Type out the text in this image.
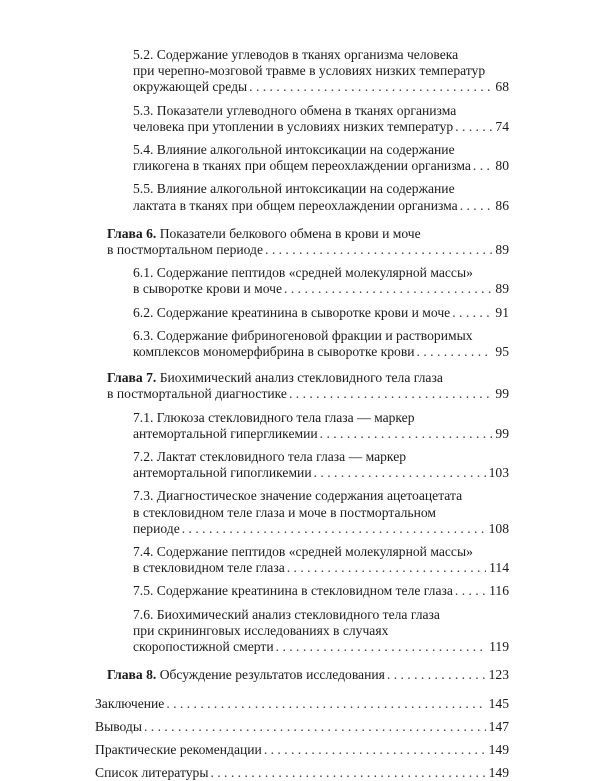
5.2. Содержание углеводов в тканях организма человека
при черепно-мозговой травме в условиях низких температур
окружающей среды . . .	68
5.3. Показатели углеводного обмена в тканях организма
человека при утоплении в условиях низких температур . . .	74
5.4. Влияние алкогольной интоксикации на содержание
гликогена в тканях при общем переохлаждении организма . . . 80
5.5. Влияние алкогольной интоксикации на содержание
лактата в тканях при общем переохлаждении организма . . .	86
Глава 6. Показатели белкового обмена в крови и моче
в постмортальном периоде . . .	89
6.1. Содержание пептидов «средней молекулярной массы»
в сыворотке крови и моче . . .	89
6.2. Содержание креатинина в сыворотке крови и моче . . .	91
6.3. Содержание фибриногеновой фракции и растворимых
комплексов мономерфибрина в сыворотке крови . . .	95
Глава 7. Биохимический анализ стекловидного тела глаза
в постмортальной диагностике . . .	99
7.1. Глюкоза стекловидного тела глаза — маркер
антемортальной гипергликемии . . .	99
7.2. Лактат стекловидного тела глаза — маркер
антемортальной гипогликемии . . .	103
7.3. Диагностическое значение содержания ацетоацетата
в стекловидном теле глаза и моче в постмортальном
периоде . . .	108
7.4. Содержание пептидов «средней молекулярной массы»
в стекловидном теле глаза . . .	114
7.5. Содержание креатинина в стекловидном теле глаза . . .	116
7.6. Биохимический анализ стекловидного тела глаза
при скрининговых исследованиях в случаях
скоропостижной смерти . . .	119
Глава 8. Обсуждение результатов исследования . . .	123
Заключение . . .	145
Выводы . . .	147
Практические рекомендации . . .	149
Список литературы . . .	149
